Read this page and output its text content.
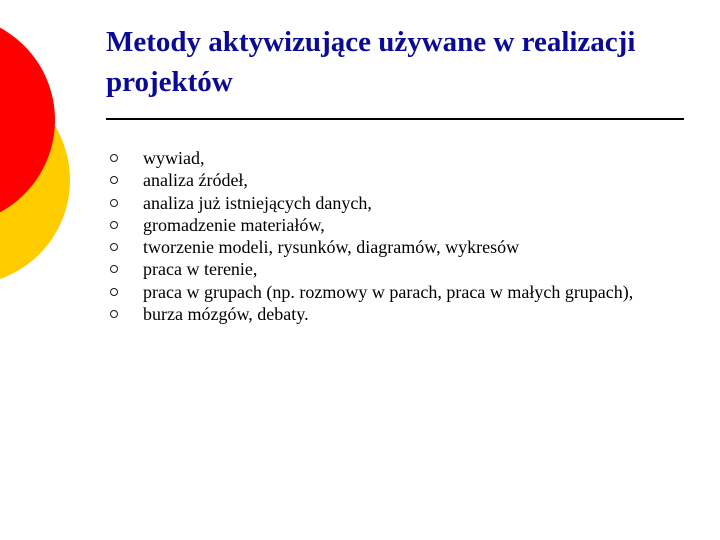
Metody aktywizujące używane w realizacji projektów
wywiad,
analiza źródeł,
analiza już istniejących danych,
gromadzenie materiałów,
tworzenie modeli, rysunków, diagramów, wykresów
praca w terenie,
praca w grupach (np. rozmowy w parach, praca w małych grupach),
burza mózgów, debaty.
